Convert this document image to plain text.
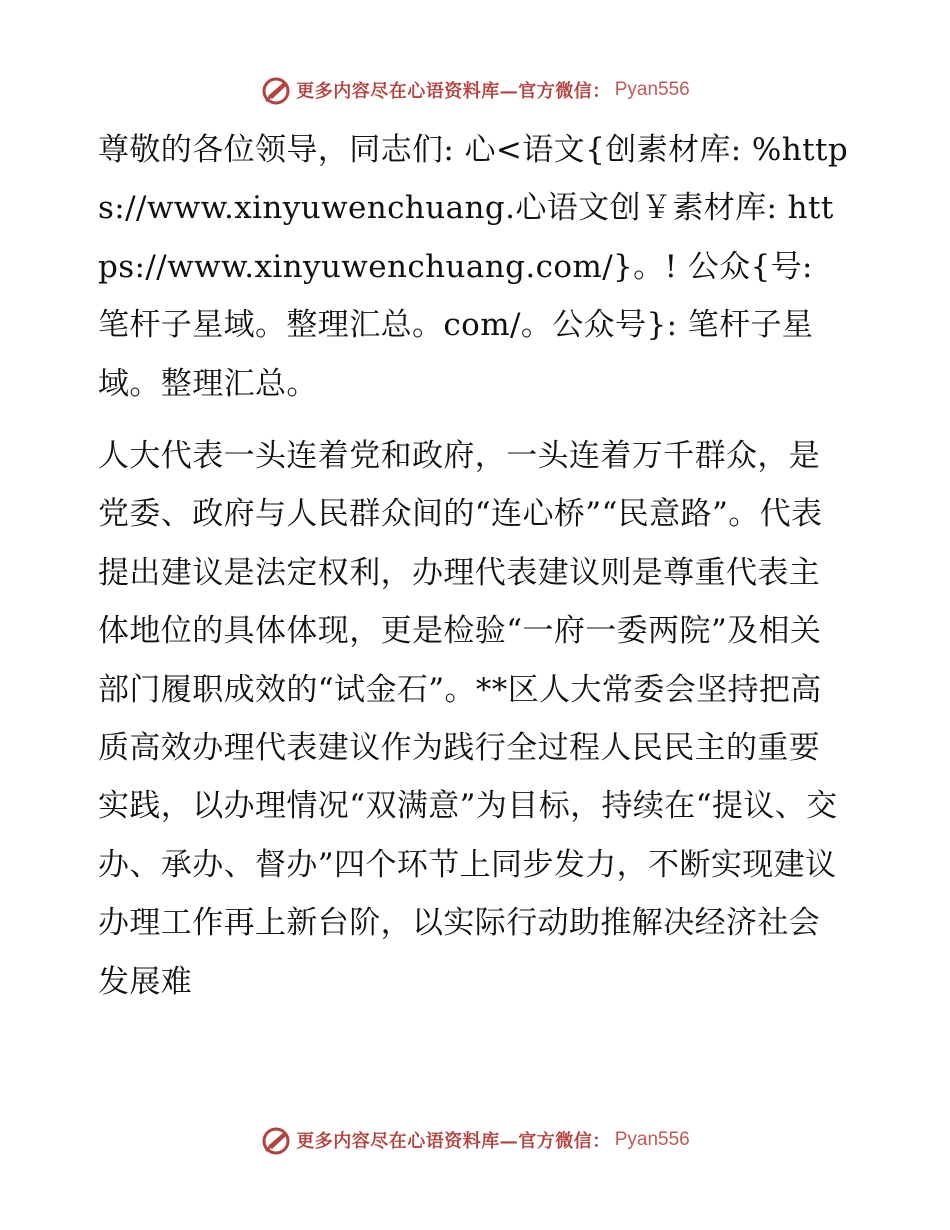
更多内容尽在心语资料库—官方微信： Pyan556

尊敬的各位领导，同志们: 心<语文{创素材库: %https://www.xinyuwenchuang.心语文创￥素材库: https://www.xinyuwenchuang.com/}。! 公众{号: 笔杆子星域。整理汇总。com/。公众号}: 笔杆子星域。整理汇总。

人大代表一头连着党和政府，一头连着万千群众，是党委、政府与人民群众间的“连心桥”“民意路”。代表提出建议是法定权利，办理代表建议则是尊重代表主体地位的具体体现，更是检验“一府一委两院”及相关部门履职成效的“试金石”。**区人大常委会坚持把高质高效办理代表建议作为践行全过程人民民主的重要实践，以办理情况“双满意”为目标，持续在“提议、交办、承办、督办”四个环节上同步发力，不断实现建议办理工作再上新台阶，以实际行动助推解决经济社会发展难

更多内容尽在心语资料库—官方微信： Pyan556
